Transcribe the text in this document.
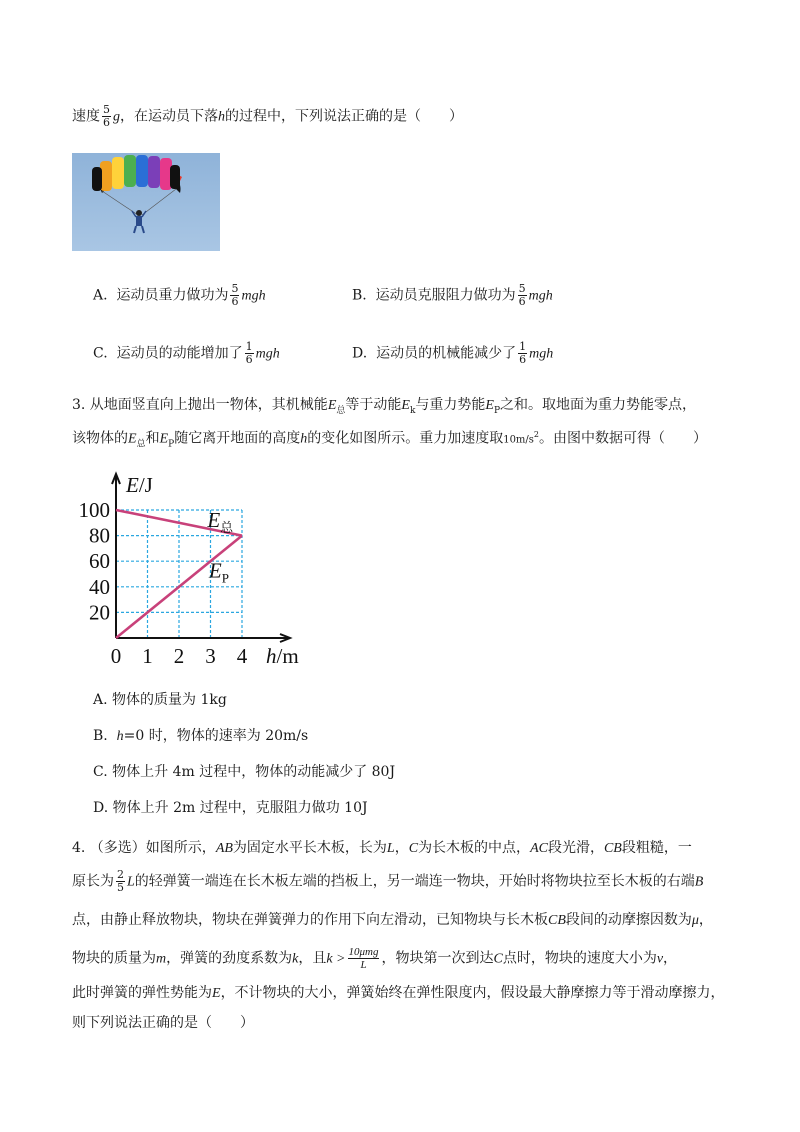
速度 $\frac{5}{6}$ g，在运动员下落h的过程中，下列说法正确的是（　　）
A. 运动员重力做功为 $\frac{5}{6}$ mgh	B. 运动员克服阻力做功为 $\frac{5}{6}$ mgh
C. 运动员的动能增加了 $\frac{1}{6}$ mgh	D. 运动员的机械能减少了 $\frac{1}{6}$ mgh
3. 从地面竖直向上抛出一物体，其机械能$E_总$等于动能$E_k$与重力势能$E_P$之和。取地面为重力势能零点，
该物体的$E_总$和$E_P$随它离开地面的高度h的变化如图所示。重力加速度取$10m/s^2$。由图中数据可得（　　）
20
40
60
80
100
0 1 2 3 4
E/J
h/m
$E_总$
$E_P$
A. 物体的质量为 1kg
B. h=0 时，物体的速率为 20m/s
C. 物体上升 4m 过程中，物体的动能减少了 80J
D. 物体上升 2m 过程中，克服阻力做功 10J
4. （多选）如图所示，AB为固定水平长木板，长为L，C为长木板的中点，AC段光滑，CB段粗糙，一
原长为 $\frac{2}{5}$ L的轻弹簧一端连在长木板左端的挡板上，另一端连一物块，开始时将物块拉至长木板的右端B
点，由静止释放物块，物块在弹簧弹力的作用下向左滑动，已知物块与长木板CB段间的动摩擦因数为μ，
物块的质量为m，弹簧的劲度系数为k，且$k > \frac{\text{10μmg}}{L}$ ，物块第一次到达C点时，物块的速度大小为v，
此时弹簧的弹性势能为E，不计物块的大小，弹簧始终在弹性限度内，假设最大静摩擦力等于滑动摩擦力，
则下列说法正确的是（　　）
